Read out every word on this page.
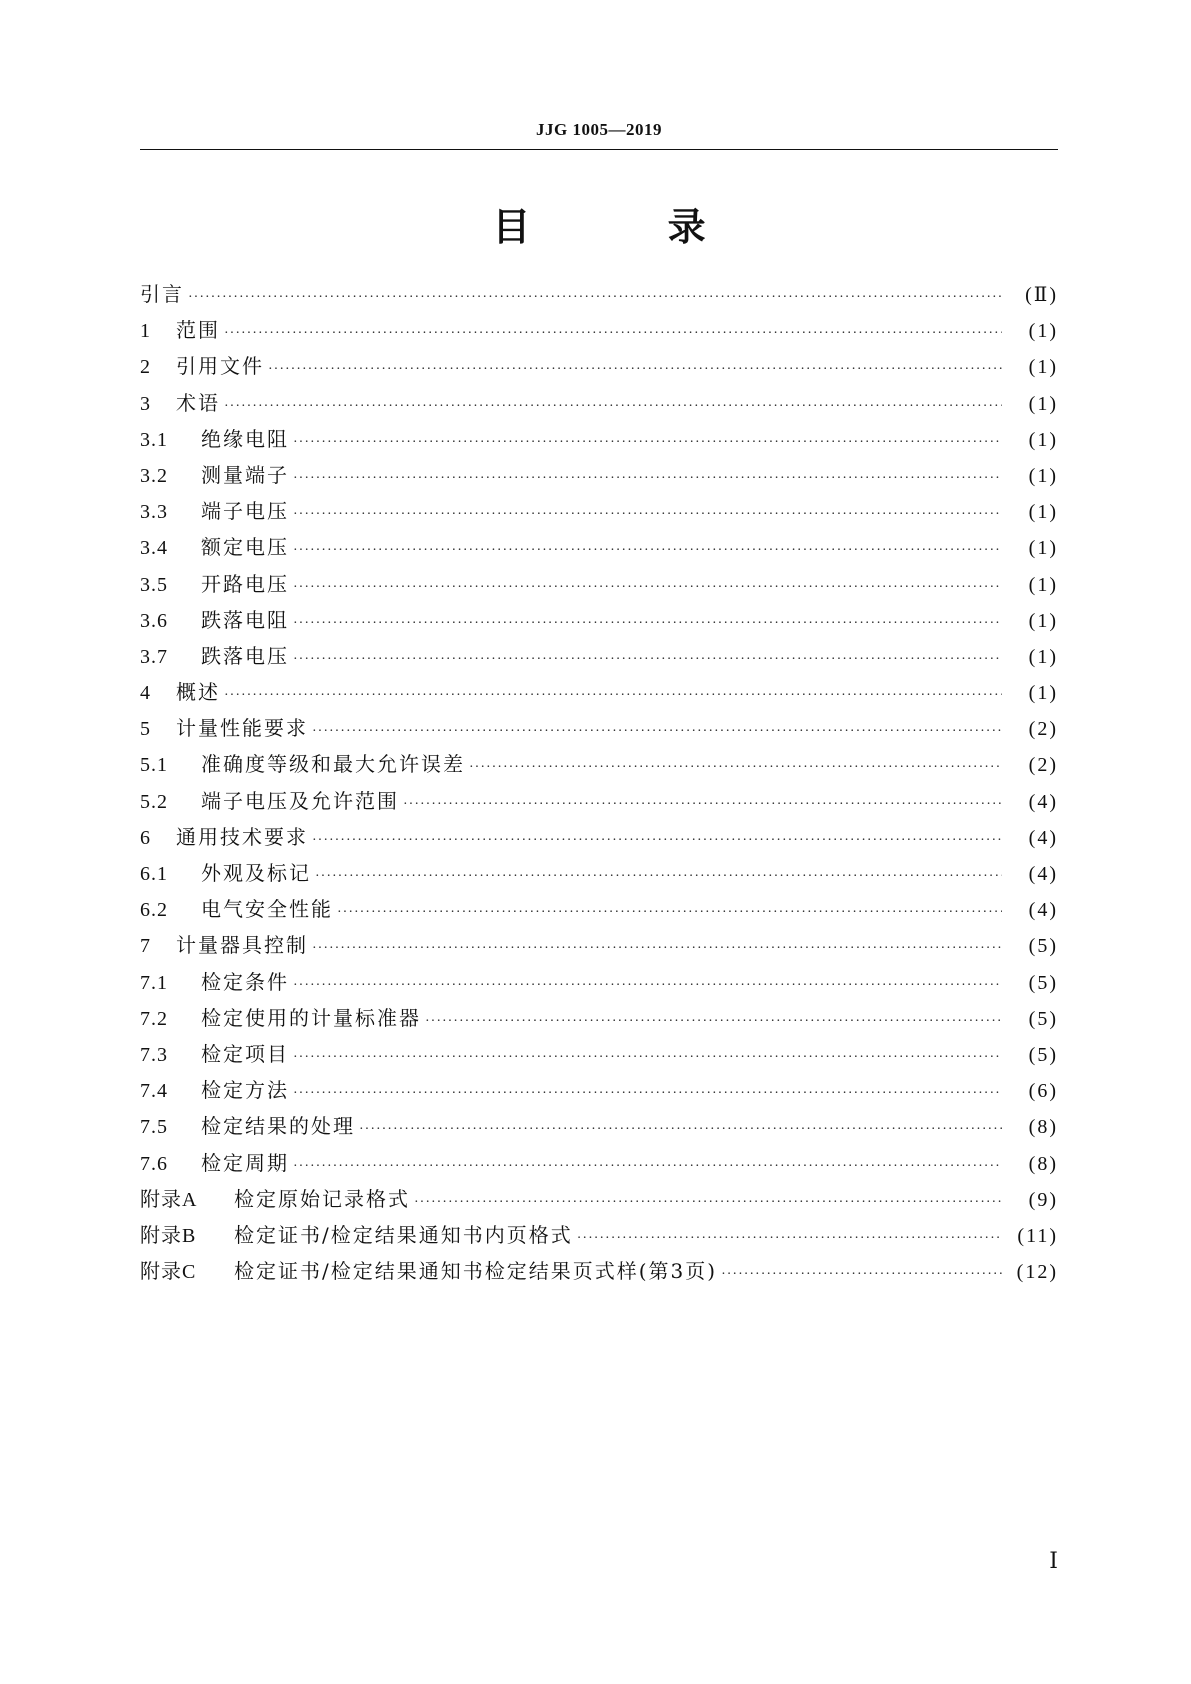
JJG 1005—2019
目 录
引言 ·····	(Ⅱ)
1	范围 ·····	(1)
2	引用文件 ·····	(1)
3	术语 ·····	(1)
3.1	绝缘电阻 ·····	(1)
3.2	测量端子 ·····	(1)
3.3	端子电压 ·····	(1)
3.4	额定电压 ·····	(1)
3.5	开路电压 ·····	(1)
3.6	跌落电阻 ·····	(1)
3.7	跌落电压 ·····	(1)
4	概述 ·····	(1)
5	计量性能要求 ·····	(2)
5.1	准确度等级和最大允许误差 ·····	(2)
5.2	端子电压及允许范围 ·····	(4)
6	通用技术要求 ·····	(4)
6.1	外观及标记 ·····	(4)
6.2	电气安全性能 ·····	(4)
7	计量器具控制 ·····	(5)
7.1	检定条件 ·····	(5)
7.2	检定使用的计量标准器 ·····	(5)
7.3	检定项目 ·····	(5)
7.4	检定方法 ·····	(6)
7.5	检定结果的处理 ·····	(8)
7.6	检定周期 ·····	(8)
附录A	检定原始记录格式 ·····	(9)
附录B	检定证书/检定结果通知书内页格式 ·····	(11)
附录C	检定证书/检定结果通知书检定结果页式样(第3页) ·····	(12)
Ⅰ
